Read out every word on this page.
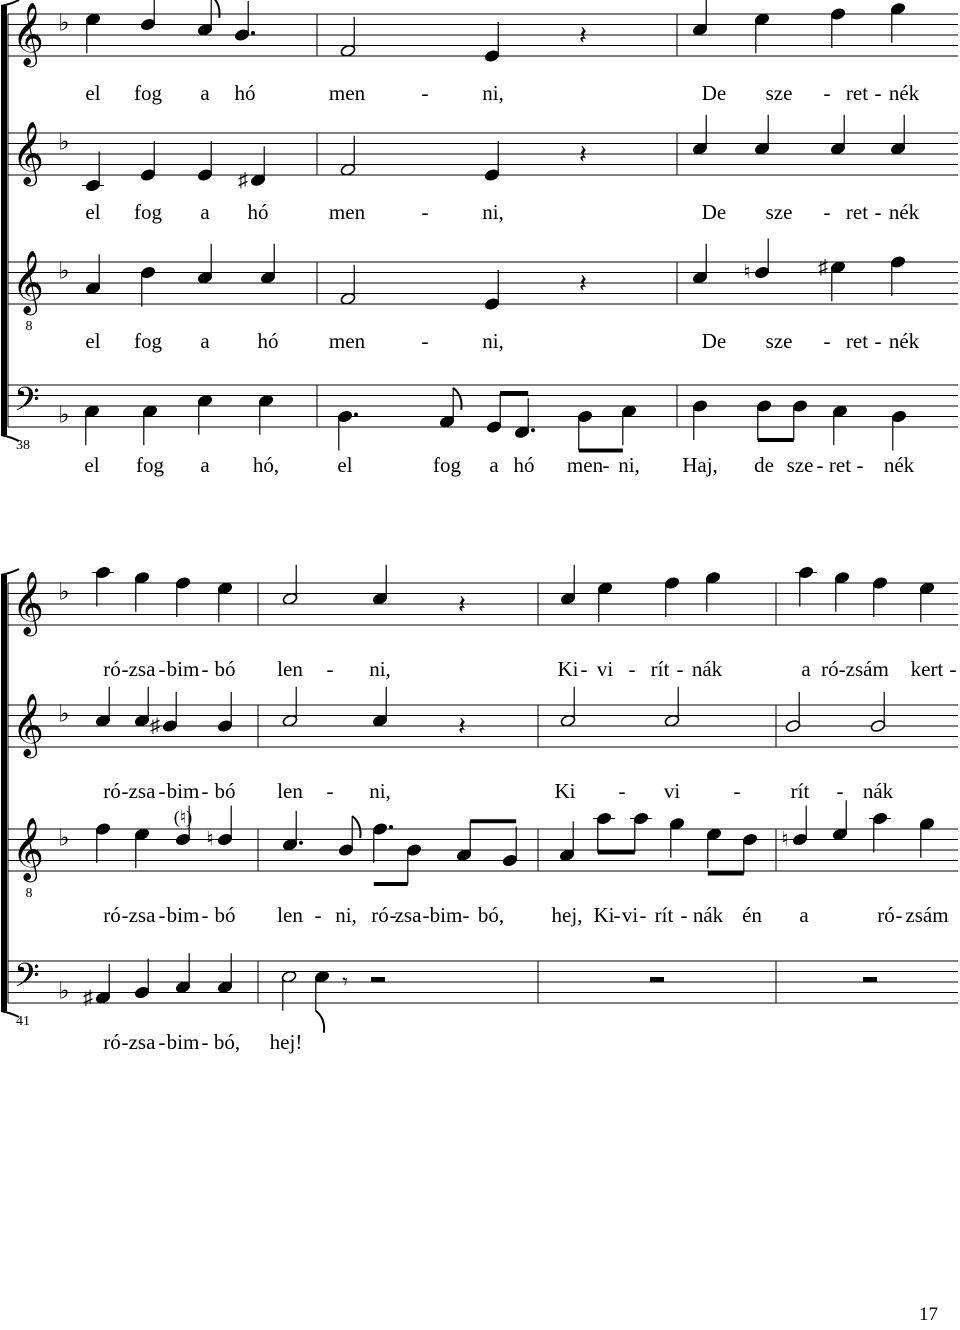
38
𝄞 ♭	𝄽
el fog a hó	men	-	ni,	De sze - ret - nék
𝄞 ♭
♯
𝄽
el fog a hó	men	-	ni,	De sze - ret - nék
𝄞
8
♭	♮	♯
𝄽
el fog a hó men	-	ni,	De sze - ret - nék
𝄢 ♭
el fog a hó,	el	fog a hó men - ni, Haj, de sze - ret - nék
41
𝄞 ♭	𝄽
ró - zsa - bim - bó len - ni,	Ki - vi - rít - nák	a ró-zsám kert -
𝄞 ♭	♯	𝄽
ró - zsa - bim - bó len - ni,	Ki - vi	- rít - nák
𝄞
8
♭	♮	♮
ró - zsa - bim - bó len - ni, ró -
zsa - bim - bó, hej, Ki - vi - rít - nák én a	ró - zsám
𝄢 ♭ ♯
𝄾
ró - zsa - bim - bó, hej!
(♮)
17
